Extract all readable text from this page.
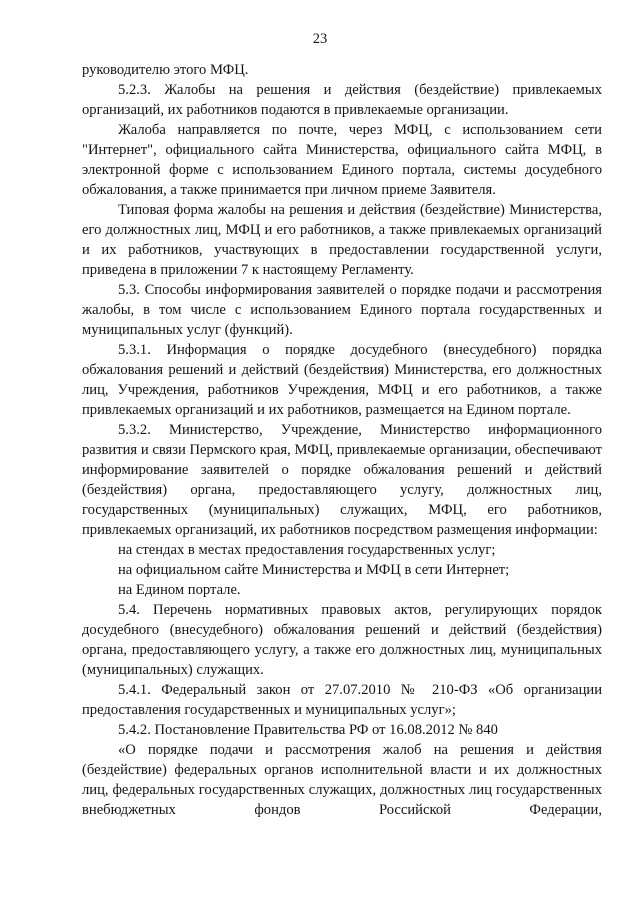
23

руководителю этого МФЦ.

5.2.3. Жалобы на решения и действия (бездействие) привлекаемых организаций, их работников подаются в привлекаемые организации.

Жалоба направляется по почте, через МФЦ, с использованием сети "Интернет", официального сайта Министерства, официального сайта МФЦ, в электронной форме с использованием Единого портала, системы досудебного обжалования, а также принимается при личном приеме Заявителя.

Типовая форма жалобы на решения и действия (бездействие) Министерства, его должностных лиц, МФЦ и его работников, а также привлекаемых организаций и их работников, участвующих в предоставлении государственной услуги, приведена в приложении 7 к настоящему Регламенту.

5.3. Способы информирования заявителей о порядке подачи и рассмотрения жалобы, в том числе с использованием Единого портала государственных и муниципальных услуг (функций).

5.3.1. Информация о порядке досудебного (внесудебного) порядка обжалования решений и действий (бездействия) Министерства, его должностных лиц, Учреждения, работников Учреждения, МФЦ и его работников, а также привлекаемых организаций и их работников, размещается на Едином портале.

5.3.2. Министерство, Учреждение, Министерство информационного развития и связи Пермского края, МФЦ, привлекаемые организации, обеспечивают информирование заявителей о порядке обжалования решений и действий (бездействия) органа, предоставляющего услугу, должностных лиц, государственных (муниципальных) служащих, МФЦ, его работников, привлекаемых организаций, их работников посредством размещения информации:

на стендах в местах предоставления государственных услуг;

на официальном сайте Министерства и МФЦ в сети Интернет;

на Едином портале.

5.4. Перечень нормативных правовых актов, регулирующих порядок досудебного (внесудебного) обжалования решений и действий (бездействия) органа, предоставляющего услугу, а также его должностных лиц, муниципальных (муниципальных) служащих.

5.4.1. Федеральный закон от 27.07.2010 № 210-ФЗ «Об организации предоставления государственных и муниципальных услуг»;

5.4.2. Постановление Правительства РФ от 16.08.2012 № 840

«О порядке подачи и рассмотрения жалоб на решения и действия (бездействие) федеральных органов исполнительной власти и их должностных лиц, федеральных государственных служащих, должностных лиц государственных внебюджетных фондов Российской Федерации,
